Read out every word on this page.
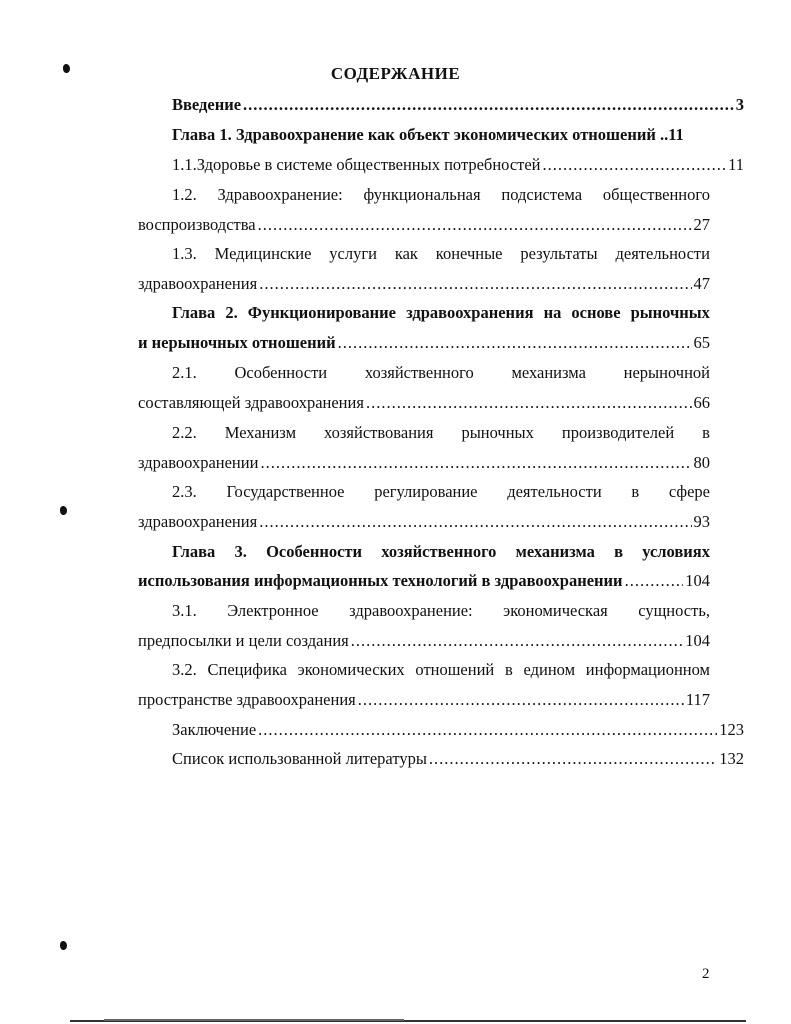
СОДЕРЖАНИЕ
Введение .....	3
Глава 1. Здравоохранение как объект экономических отношений .. 11
1.1. Здоровье в системе общественных потребностей .....	11
1.2. Здравоохранение: функциональная подсистема общественного
воспроизводства .....	27
1.3. Медицинские услуги как конечные результаты деятельности
здравоохранения .....	47
Глава 2. Функционирование здравоохранения на основе рыночных
и нерыночных отношений .....	65
2.1. Особенности хозяйственного механизма нерыночной
составляющей здравоохранения .....	66
2.2. Механизм хозяйствования рыночных производителей в
здравоохранении .....	80
2.3. Государственное регулирование деятельности в сфере
здравоохранения .....	93
Глава 3. Особенности хозяйственного механизма в условиях
использования информационных технологий в здравоохранении .....	104
3.1. Электронное здравоохранение: экономическая сущность,
предпосылки и цели создания .....	104
3.2. Специфика экономических отношений в едином информационном
пространстве здравоохранения .....	117
Заключение .....	123
Список использованной литературы .....	132
2
